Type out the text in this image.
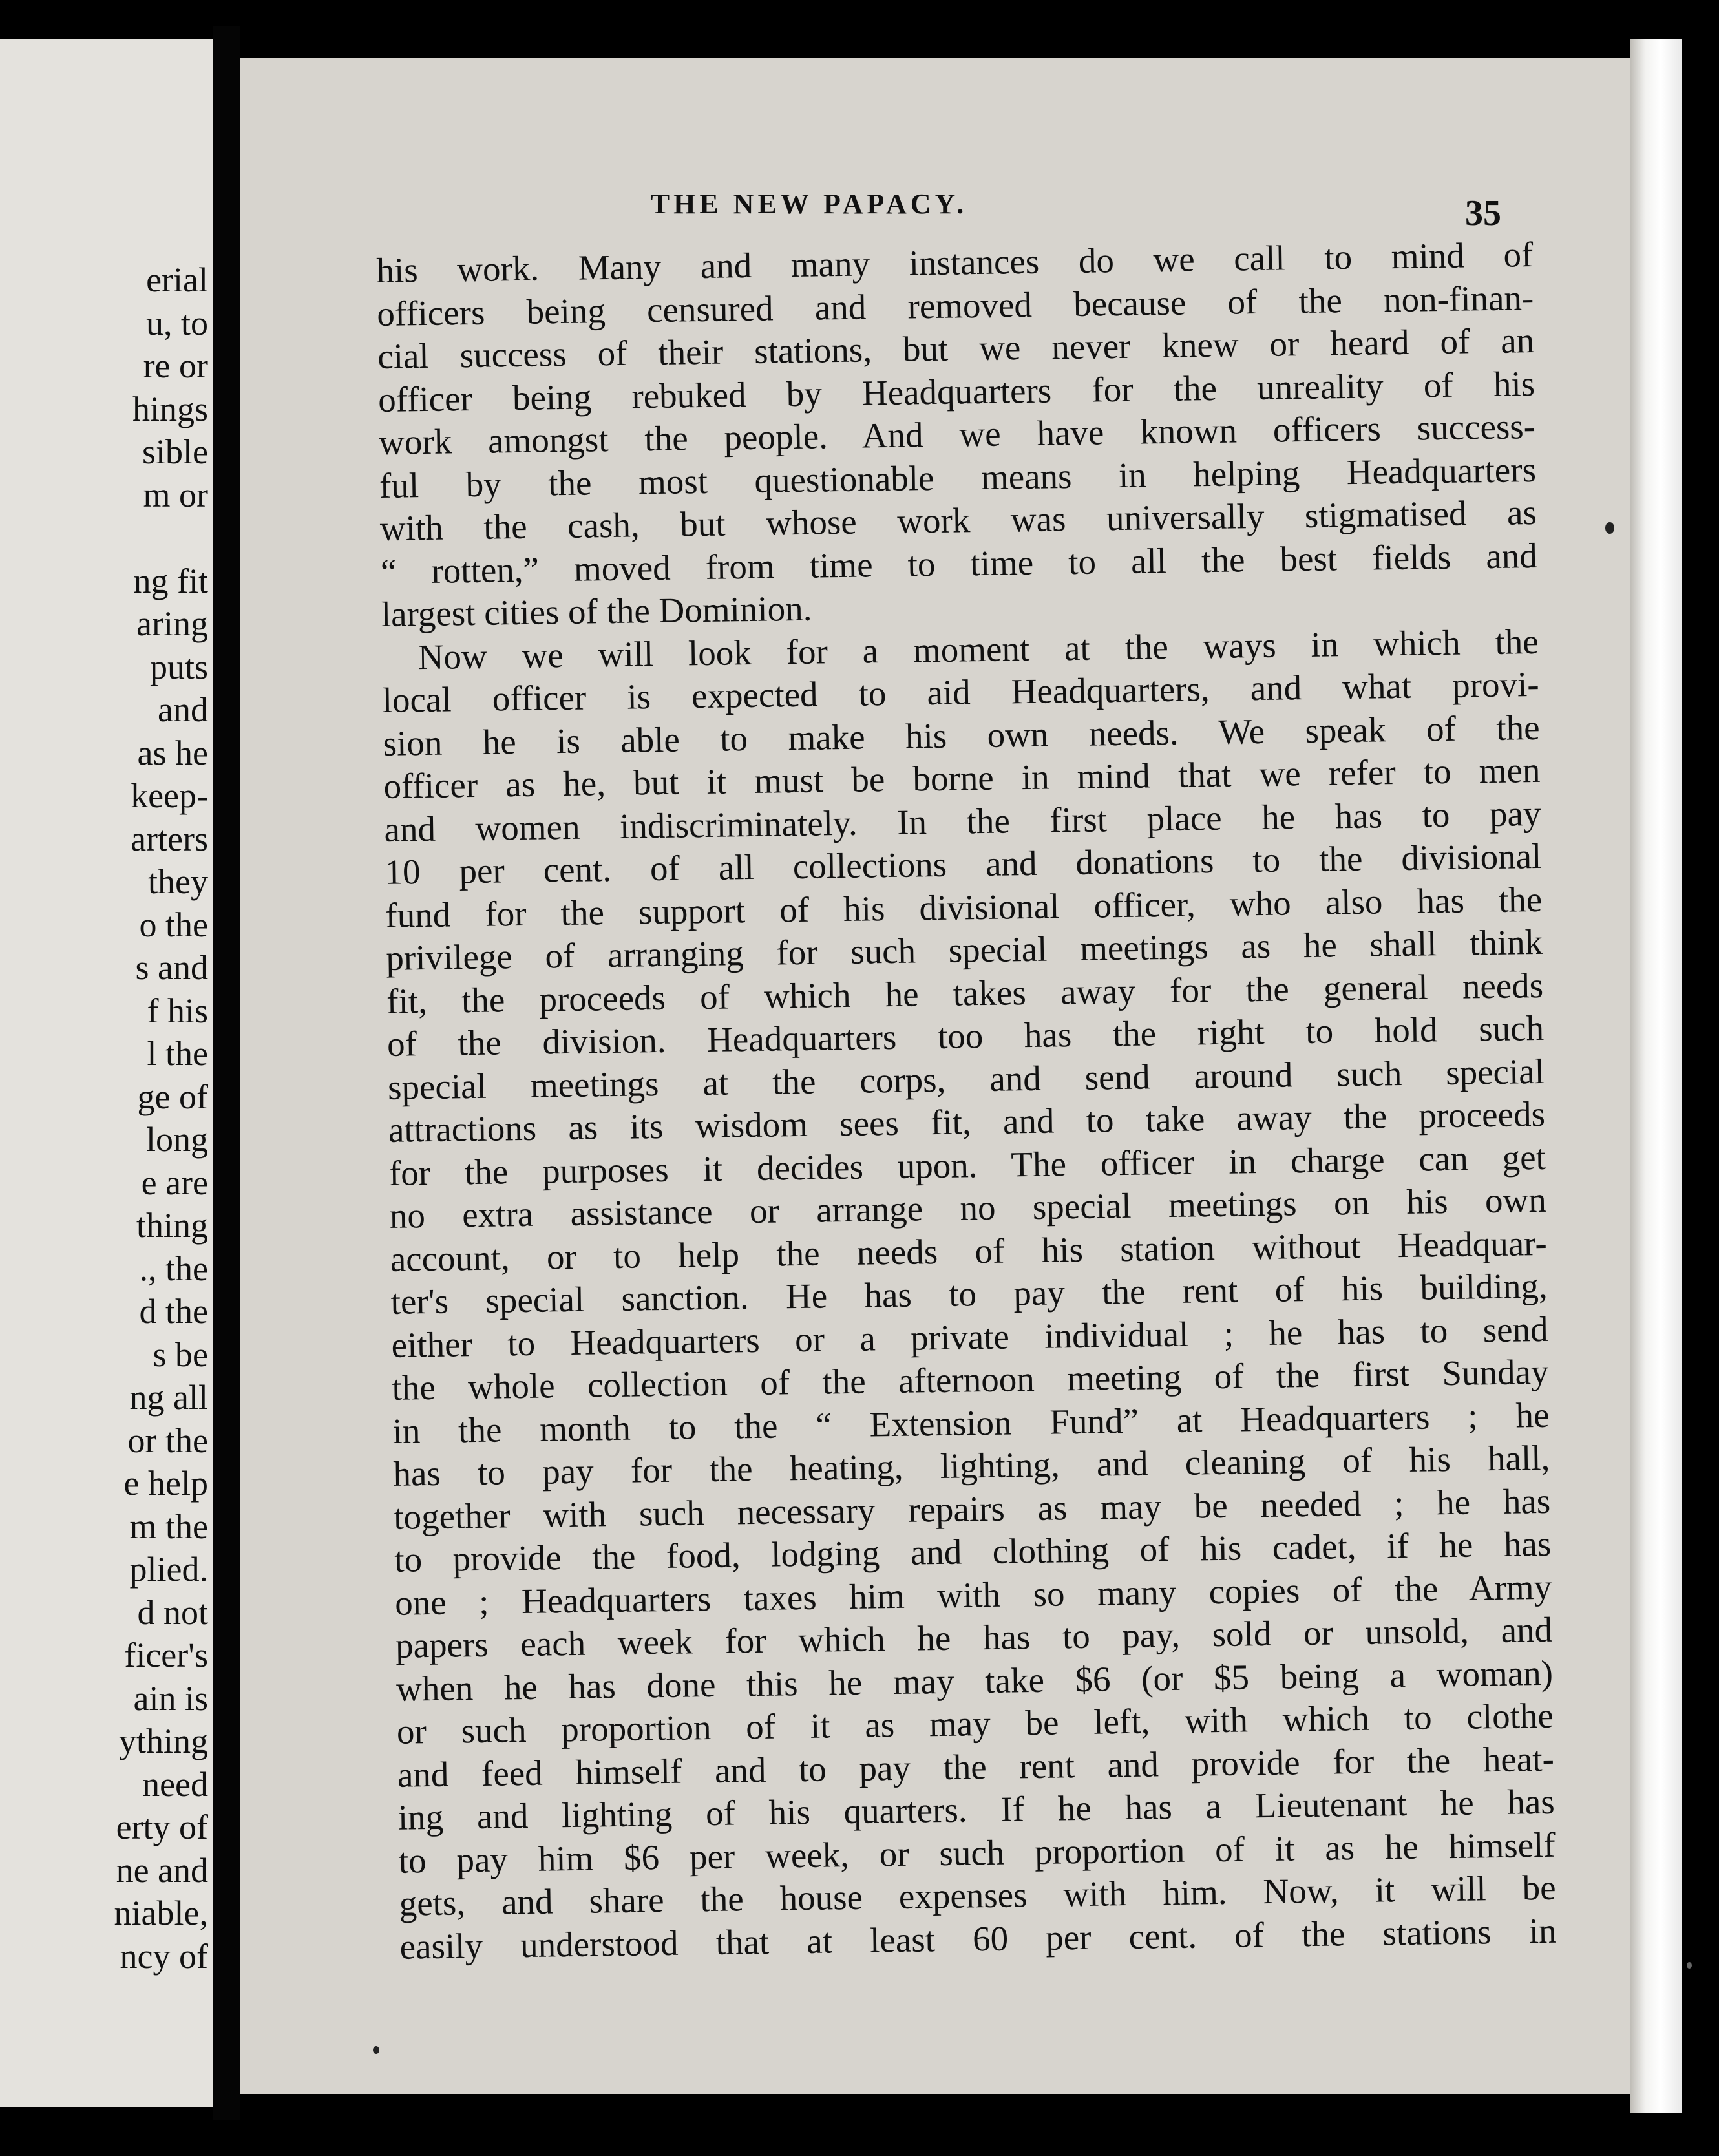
erial
u, to
re or
hings
sible
m or

ng fit
aring
puts
and
as he
keep-
arters
they
o the
s and
f his
l the
ge of
long
e are
thing
., the
d the
s be
ng all
or the
e help
m the
plied.
d not
ficer's
ain is
ything
need
erty of
ne and
niable,
ncy of
THE NEW PAPACY.	35
his work. Many and many instances do we call to mind of
officers being censured and removed because of the non-finan-
cial success of their stations, but we never knew or heard of an
officer being rebuked by Headquarters for the unreality of his
work amongst the people. And we have known officers success-
ful by the most questionable means in helping Headquarters
with the cash, but whose work was universally stigmatised as
“ rotten,” moved from time to time to all the best fields and
largest cities of the Dominion.
Now we will look for a moment at the ways in which the
local officer is expected to aid Headquarters, and what provi-
sion he is able to make his own needs. We speak of the
officer as he, but it must be borne in mind that we refer to men
and women indiscriminately. In the first place he has to pay
10 per cent. of all collections and donations to the divisional
fund for the support of his divisional officer, who also has the
privilege of arranging for such special meetings as he shall think
fit, the proceeds of which he takes away for the general needs
of the division. Headquarters too has the right to hold such
special meetings at the corps, and send around such special
attractions as its wisdom sees fit, and to take away the proceeds
for the purposes it decides upon. The officer in charge can get
no extra assistance or arrange no special meetings on his own
account, or to help the needs of his station without Headquar-
ter's special sanction. He has to pay the rent of his building,
either to Headquarters or a private individual ; he has to send
the whole collection of the afternoon meeting of the first Sunday
in the month to the “ Extension Fund” at Headquarters ; he
has to pay for the heating, lighting, and cleaning of his hall,
together with such necessary repairs as may be needed ; he has
to provide the food, lodging and clothing of his cadet, if he has
one ; Headquarters taxes him with so many copies of the Army
papers each week for which he has to pay, sold or unsold, and
when he has done this he may take $6 (or $5 being a woman)
or such proportion of it as may be left, with which to clothe
and feed himself and to pay the rent and provide for the heat-
ing and lighting of his quarters. If he has a Lieutenant he has
to pay him $6 per week, or such proportion of it as he himself
gets, and share the house expenses with him. Now, it will be
easily understood that at least 60 per cent. of the stations in
